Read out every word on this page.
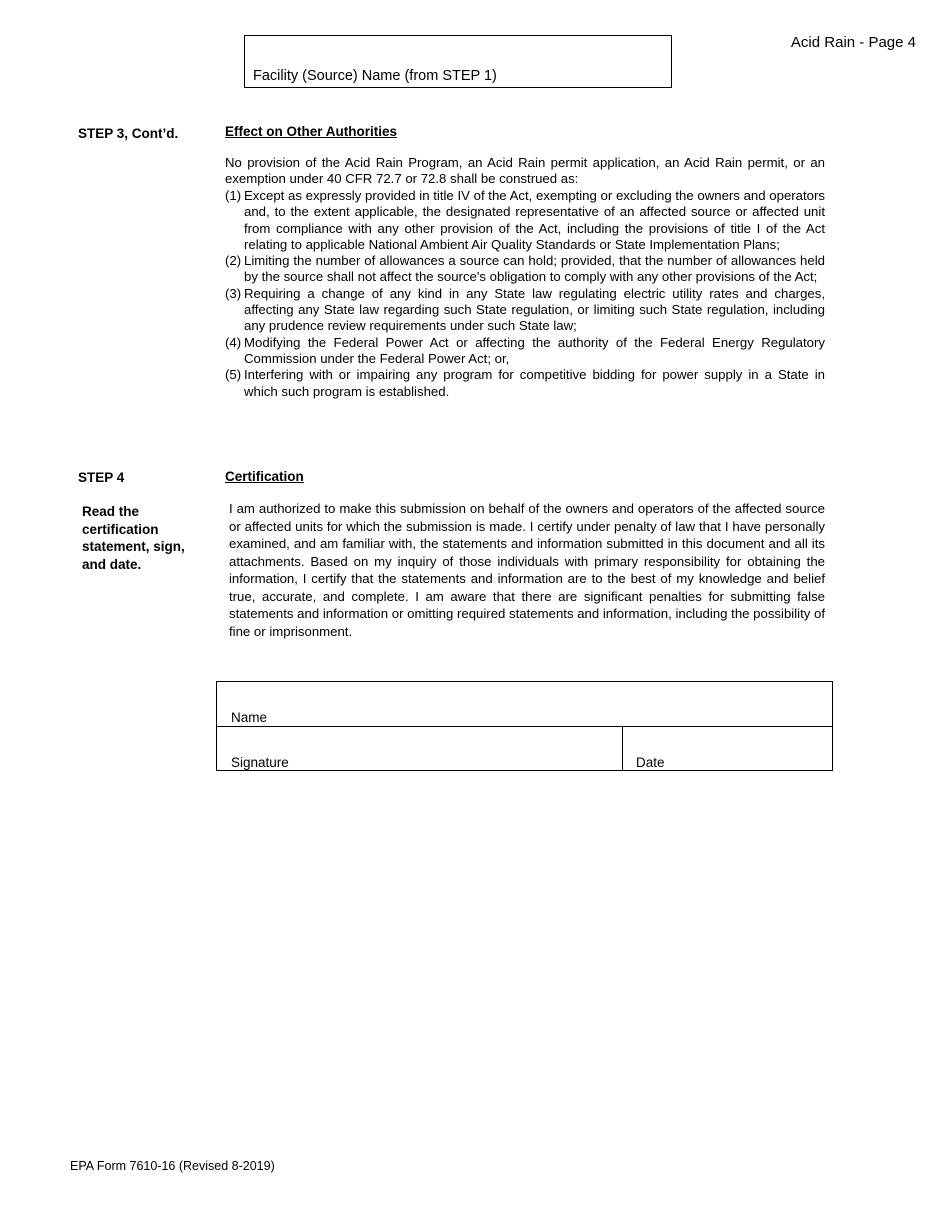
Facility (Source) Name (from STEP 1)
Acid Rain - Page 4
STEP 3, Cont’d.	Effect on Other Authorities
No provision of the Acid Rain Program, an Acid Rain permit application, an Acid Rain permit, or an exemption under 40 CFR 72.7 or 72.8 shall be construed as:
(1) Except as expressly provided in title IV of the Act, exempting or excluding the owners and operators and, to the extent applicable, the designated representative of an affected source or affected unit from compliance with any other provision of the Act, including the provisions of title I of the Act relating to applicable National Ambient Air Quality Standards or State Implementation Plans;
(2) Limiting the number of allowances a source can hold; provided, that the number of allowances held by the source shall not affect the source's obligation to comply with any other provisions of the Act;
(3) Requiring a change of any kind in any State law regulating electric utility rates and charges, affecting any State law regarding such State regulation, or limiting such State regulation, including any prudence review requirements under such State law;
(4) Modifying the Federal Power Act or affecting the authority of the Federal Energy Regulatory Commission under the Federal Power Act; or,
(5) Interfering with or impairing any program for competitive bidding for power supply in a State in which such program is established.
STEP 4	Certification
Read the certification statement, sign, and date.
I am authorized to make this submission on behalf of the owners and operators of the affected source or affected units for which the submission is made. I certify under penalty of law that I have personally examined, and am familiar with, the statements and information submitted in this document and all its attachments. Based on my inquiry of those individuals with primary responsibility for obtaining the information, I certify that the statements and information are to the best of my knowledge and belief true, accurate, and complete. I am aware that there are significant penalties for submitting false statements and information or omitting required statements and information, including the possibility of fine or imprisonment.
Name
Signature	Date
EPA Form 7610-16 (Revised 8-2019)
